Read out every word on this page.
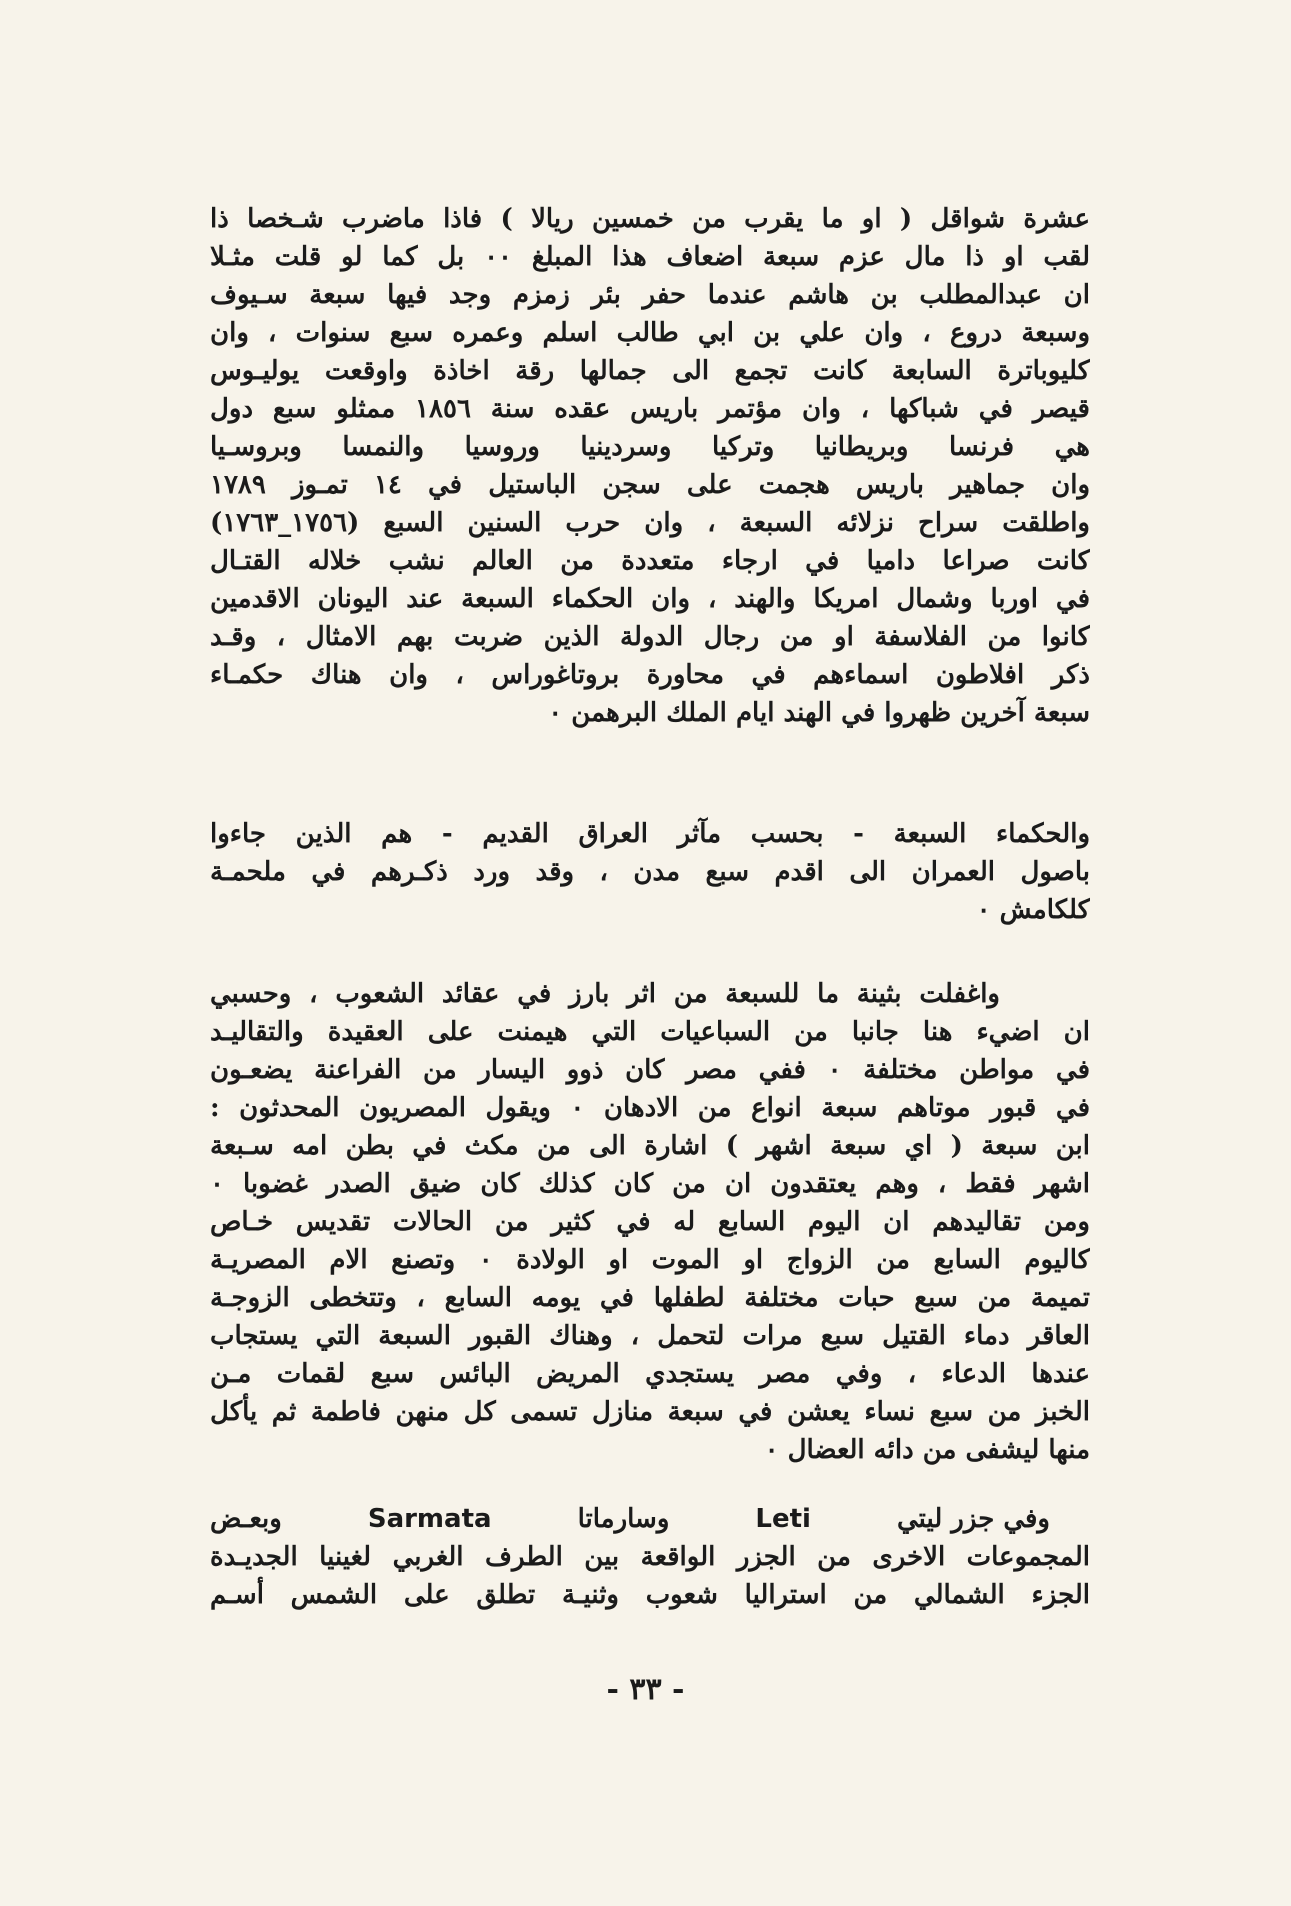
عشرة شواقل ( او ما يقرب من خمسين ريالا ) فاذا ماضرب شـخصا ذا
لقب او ذا مال عزم سبعة اضعاف هذا المبلغ ٠٠ بل كما لو قلت مثـلا
ان عبدالمطلب بن هاشم عندما حفر بئر زمزم وجد فيها سبعة سـيوف
وسبعة دروع ، وان علي بن ابي طالب اسلم وعمره سبع سنوات ، وان
كليوباترة السابعة كانت تجمع الى جمالها رقة اخاذة واوقعت يوليـوس
قيصر في شباكها ، وان مؤتمر باريس عقده سنة ١٨٥٦ ممثلو سبع دول
هي فرنسا وبريطانيا وتركيا وسردينيا وروسيا والنمسا وبروسـيا
وان جماهير باريس هجمت على سجن الباستيل في ١٤ تمـوز ١٧٨٩
واطلقت سراح نزلائه السبعة ، وان حرب السنين السبع (١٧٥٦_١٧٦٣)
كانت صراعا داميا في ارجاء متعددة من العالم نشب خلاله القتـال
في اوربا وشمال امريكا والهند ، وان الحكماء السبعة عند اليونان الاقدمين
كانوا من الفلاسفة او من رجال الدولة الذين ضربت بهم الامثال ، وقـد
ذكر افلاطون اسماءهم في محاورة بروتاغوراس ، وان هناك حكمـاء
سبعة آخرين ظهروا في الهند ايام الملك البرهمن ٠
والحكماء السبعة - بحسب مآثر العراق القديم - هم الذين جاءوا
باصول العمران الى اقدم سبع مدن ، وقد ورد ذكـرهم في ملحمـة
كلكامش ٠
واغفلت بثينة ما للسبعة من اثر بارز في عقائد الشعوب ، وحسبي
ان اضيء هنا جانبا من السباعيات التي هيمنت على العقيدة والتقاليـد
في مواطن مختلفة ٠ ففي مصر كان ذوو اليسار من الفراعنة يضعـون
في قبور موتاهم سبعة انواع من الادهان ٠ ويقول المصريون المحدثون :
ابن سبعة ( اي سبعة اشهر ) اشارة الى من مكث في بطن امه سـبعة
اشهر فقط ، وهم يعتقدون ان من كان كذلك كان ضيق الصدر غضوبا ٠
ومن تقاليدهم ان اليوم السابع له في كثير من الحالات تقديس خـاص
كاليوم السابع من الزواج او الموت او الولادة ٠ وتصنع الام المصريـة
تميمة من سبع حبات مختلفة لطفلها في يومه السابع ، وتتخطى الزوجـة
العاقر دماء القتيل سبع مرات لتحمل ، وهناك القبور السبعة التي يستجاب
عندها الدعاء ، وفي مصر يستجدي المريض البائس سبع لقمات مـن
الخبز من سبع نساء يعشن في سبعة منازل تسمى كل منهن فاطمة ثم يأكل
منها ليشفى من دائه العضال ٠
وفي جزر ليتي
Leti
وسارماتا
Sarmata
وبعـض
المجموعات الاخرى من الجزر الواقعة بين الطرف الغربي لغينيا الجديـدة
الجزء الشمالي من استراليا شعوب وثنيـة تطلق على الشمس أسـم
- ٣٣ -
